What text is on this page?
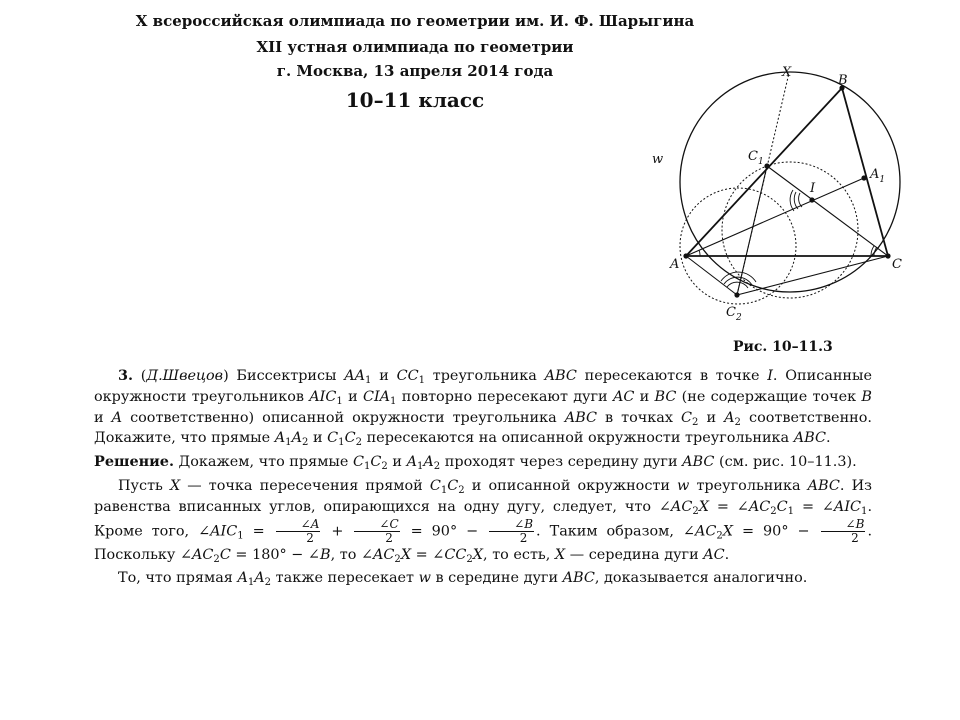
X всероссийская олимпиада по геометрии им. И. Ф. Шарыгина
XII устная олимпиада по геометрии
г. Москва, 13 апреля 2014 года
10–11 класс
X
B
$C_1$
$A_1$
I
w
A	C
$C_2$
Рис. 10–11.3

3. (Д.Швецов) Биссектрисы $AA_1$ и $CC_1$ треугольника ABC пересекаются в точке I. Описанные окружности треугольников $AIC_1$ и $CIA_1$ повторно пересекают дуги AC и BC (не содержащие точек B и A соответственно) описанной окружности треугольника ABC в точках $C_2$ и $A_2$ соответственно. Докажите, что прямые $A_1A_2$ и $C_1C_2$ пересекаются на описанной окружности треугольника ABC.

Решение. Докажем, что прямые $C_1C_2$ и $A_1A_2$ проходят через середину дуги ABC (см. рис. 10–11.3).

Пусть X — точка пересечения прямой $C_1C_2$ и описанной окружности w треугольника ABC. Из равенства вписанных углов, опирающихся на одну дугу, следует, что $\angle AC_2X$ = $\angle AC_2C_1$ = $\angle AIC_1$. Кроме того, $\angle AIC_1 = \frac{\angle A}{2} + \frac{\angle C}{2} = 90^\circ - \frac{\angle B}{2}$ . Таким образом, $\angle AC_2X = 90^\circ - \frac{\angle B}{2}$ . Поскольку $\angle AC_2C = 180^\circ$ − ∠B, то $\angle AC_2X$ = $\angle CC_2X$, то есть, X — середина дуги AC.

То, что прямая $A_1A_2$ также пересекает w в середине дуги ABC, доказывается аналогично.
